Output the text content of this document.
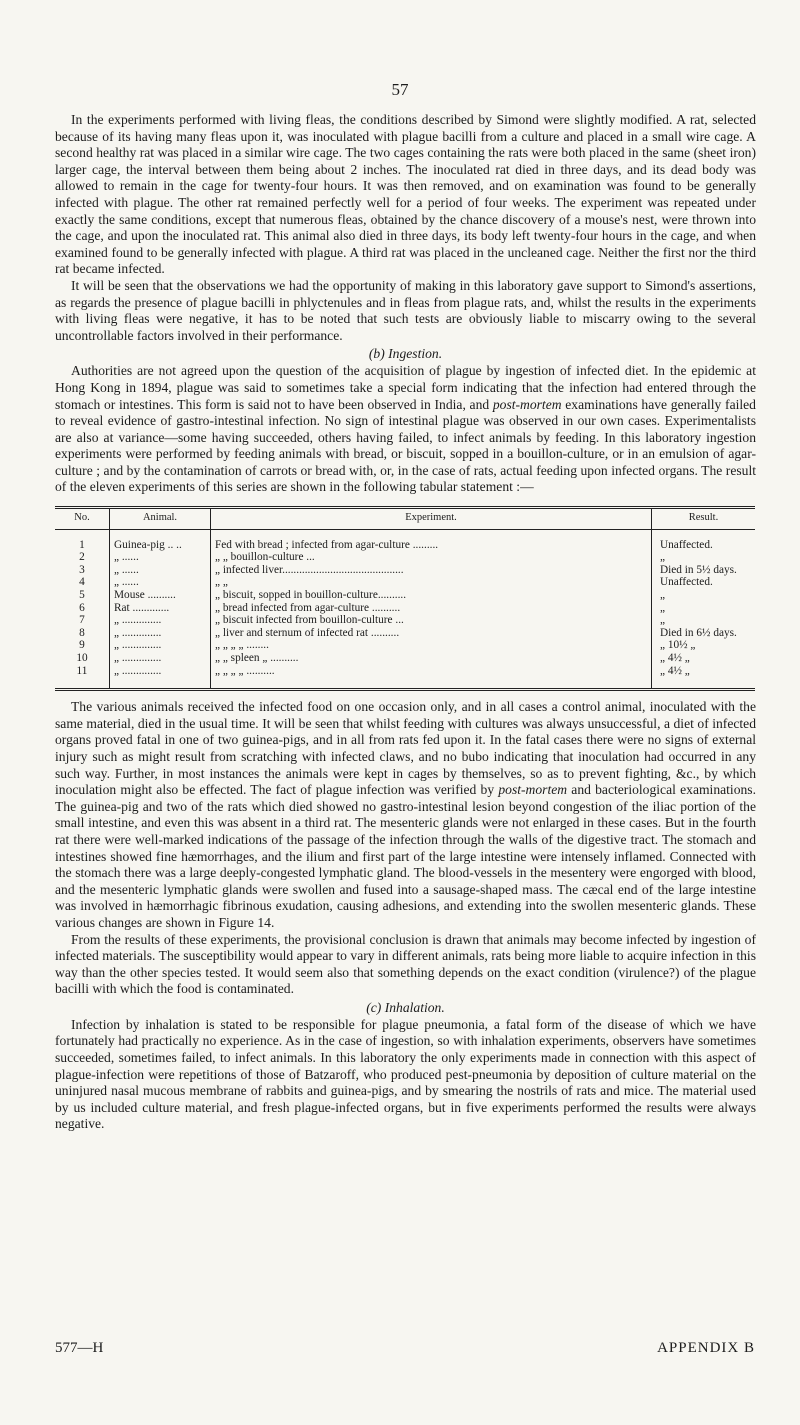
57

In the experiments performed with living fleas, the conditions described by Simond were slightly modified. A rat, selected because of its having many fleas upon it, was inoculated with plague bacilli from a culture and placed in a small wire cage. A second healthy rat was placed in a similar wire cage. The two cages containing the rats were both placed in the same (sheet iron) larger cage, the interval between them being about 2 inches. The inoculated rat died in three days, and its dead body was allowed to remain in the cage for twenty-four hours. It was then removed, and on examination was found to be generally infected with plague. The other rat remained perfectly well for a period of four weeks. The experiment was repeated under exactly the same conditions, except that numerous fleas, obtained by the chance discovery of a mouse's nest, were thrown into the cage, and upon the inoculated rat. This animal also died in three days, its body left twenty-four hours in the cage, and when examined found to be generally infected with plague. A third rat was placed in the uncleaned cage. Neither the first nor the third rat became infected.

It will be seen that the observations we had the opportunity of making in this laboratory gave support to Simond's assertions, as regards the presence of plague bacilli in phlyctenules and in fleas from plague rats, and, whilst the results in the experiments with living fleas were negative, it has to be noted that such tests are obviously liable to miscarry owing to the several uncontrollable factors involved in their performance.

(b) Ingestion.

Authorities are not agreed upon the question of the acquisition of plague by ingestion of infected diet. In the epidemic at Hong Kong in 1894, plague was said to sometimes take a special form indicating that the infection had entered through the stomach or intestines. This form is said not to have been observed in India, and post-mortem examinations have generally failed to reveal evidence of gastro-intestinal infection. No sign of intestinal plague was observed in our own cases. Experimentalists are also at variance—some having succeeded, others having failed, to infect animals by feeding. In this laboratory ingestion experiments were performed by feeding animals with bread, or biscuit, sopped in a bouillon-culture, or in an emulsion of agar-culture ; and by the contamination of carrots or bread with, or, in the case of rats, actual feeding upon infected organs. The result of the eleven experiments of this series are shown in the following tabular statement :—

No.	Animal.	Experiment.	Result.
1	Guinea-pig .. ..	Fed with bread ; infected from agar-culture .........	Unaffected.
2	„ ......	„ „ bouillon-culture ...	„
3	„ ......	„ infected liver...........................................	Died in 5½ days.
4	„ ......	„ „	Unaffected.
5	Mouse ..........	„ biscuit, sopped in bouillon-culture..........	„
6	Rat .............	„ bread infected from agar-culture ..........	„
7	„ ..............	„ biscuit infected from bouillon-culture ...	„
8	„ ..............	„ liver and sternum of infected rat ..........	Died in 6½ days.
9	„ ..............	„ „ „ „ ........	„ 10½ „
10	„ ..............	„ „ spleen „ ..........	„ 4½ „
11	„ ..............	„ „ „ „ ..........	„ 4½ „

The various animals received the infected food on one occasion only, and in all cases a control animal, inoculated with the same material, died in the usual time. It will be seen that whilst feeding with cultures was always unsuccessful, a diet of infected organs proved fatal in one of two guinea-pigs, and in all from rats fed upon it. In the fatal cases there were no signs of external injury such as might result from scratching with infected claws, and no bubo indicating that inoculation had occurred in any such way. Further, in most instances the animals were kept in cages by themselves, so as to prevent fighting, &c., by which inoculation might also be effected. The fact of plague infection was verified by post-mortem and bacteriological examinations. The guinea-pig and two of the rats which died showed no gastro-intestinal lesion beyond congestion of the iliac portion of the small intestine, and even this was absent in a third rat. The mesenteric glands were not enlarged in these cases. But in the fourth rat there were well-marked indications of the passage of the infection through the walls of the digestive tract. The stomach and intestines showed fine hæmorrhages, and the ilium and first part of the large intestine were intensely inflamed. Connected with the stomach there was a large deeply-congested lymphatic gland. The blood-vessels in the mesentery were engorged with blood, and the mesenteric lymphatic glands were swollen and fused into a sausage-shaped mass. The cæcal end of the large intestine was involved in hæmorrhagic fibrinous exudation, causing adhesions, and extending into the swollen mesenteric glands. These various changes are shown in Figure 14.

From the results of these experiments, the provisional conclusion is drawn that animals may become infected by ingestion of infected materials. The susceptibility would appear to vary in different animals, rats being more liable to acquire infection in this way than the other species tested. It would seem also that something depends on the exact condition (virulence?) of the plague bacilli with which the food is contaminated.

(c) Inhalation.

Infection by inhalation is stated to be responsible for plague pneumonia, a fatal form of the disease of which we have fortunately had practically no experience. As in the case of ingestion, so with inhalation experiments, observers have sometimes succeeded, sometimes failed, to infect animals. In this laboratory the only experiments made in connection with this aspect of plague-infection were repetitions of those of Batzaroff, who produced pest-pneumonia by deposition of culture material on the uninjured nasal mucous membrane of rabbits and guinea-pigs, and by smearing the nostrils of rats and mice. The material used by us included culture material, and fresh plague-infected organs, but in five experiments performed the results were always negative.

577—H	APPENDIX B
